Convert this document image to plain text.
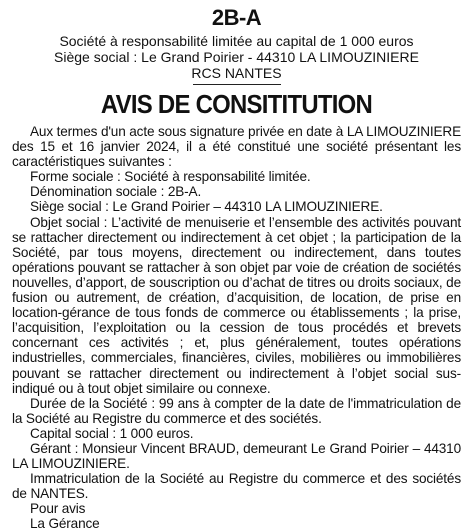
2B-A
Société à responsabilité limitée au capital de 1 000 euros
Siège social : Le Grand Poirier - 44310 LA LIMOUZINIERE
RCS NANTES
AVIS DE CONSITITUTION

Aux termes d'un acte sous signature privée en date à LA LIMOUZINIERE des 15 et 16 janvier 2024, il a été constitué une société présentant les caractéristiques suivantes :

Forme sociale : Société à responsabilité limitée.

Dénomination sociale : 2B-A.

Siège social : Le Grand Poirier – 44310 LA LIMOUZINIERE.

Objet social : L’activité de menuiserie et l’ensemble des activités pouvant se rattacher directement ou indirectement à cet objet ; la participation de la Société, par tous moyens, directement ou indirectement, dans toutes opérations pouvant se rattacher à son objet par voie de création de sociétés nouvelles, d’apport, de souscription ou d’achat de titres ou droits sociaux, de fusion ou autrement, de création, d’acquisition, de location, de prise en location-gérance de tous fonds de commerce ou établissements ; la prise, l’acquisition, l’exploitation ou la cession de tous procédés et brevets concernant ces activités ; et, plus généralement, toutes opérations industrielles, commerciales, financières, civiles, mobilières ou immobilières pouvant se rattacher directement ou indirectement à l’objet social sus-indiqué ou à tout objet similaire ou connexe.

Durée de la Société : 99 ans à compter de la date de l'immatriculation de la Société au Registre du commerce et des sociétés.

Capital social : 1 000 euros.

Gérant : Monsieur Vincent BRAUD, demeurant Le Grand Poirier – 44310 LA LIMOUZINIERE.

Immatriculation de la Société au Registre du commerce et des sociétés de NANTES.

Pour avis

La Gérance
